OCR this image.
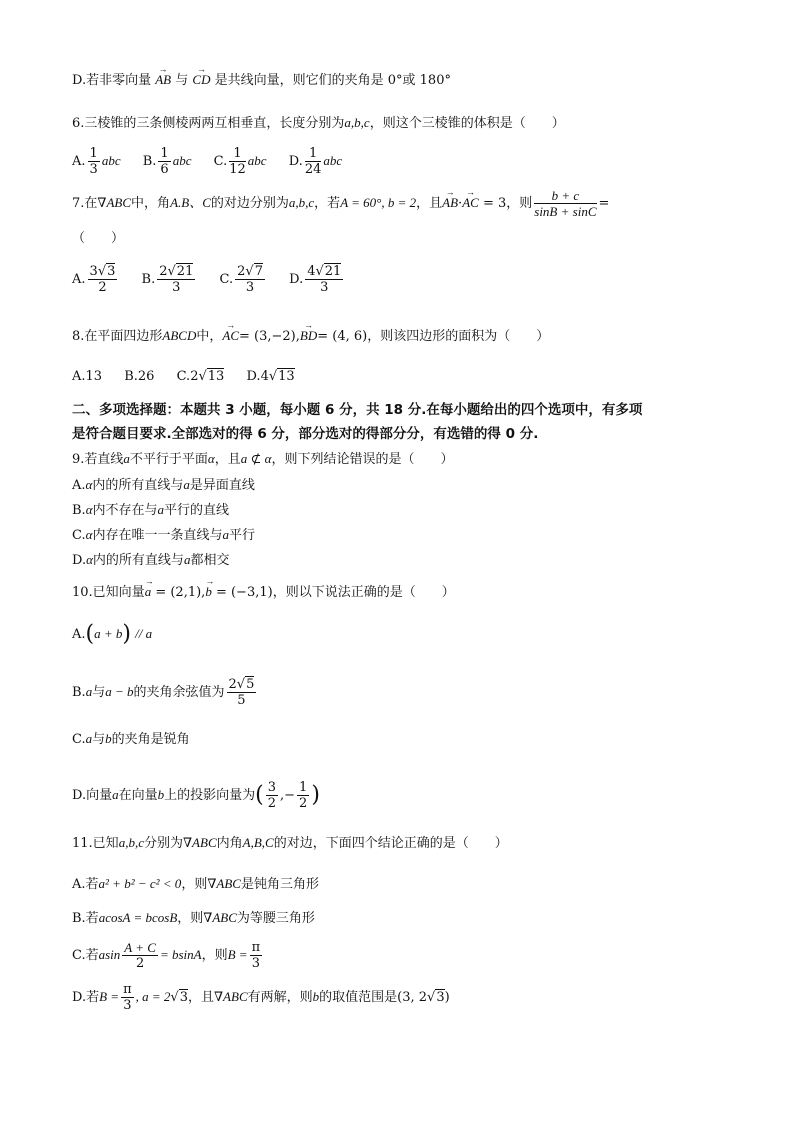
D.若非零向量 → AB 与 → CD 是共线向量，则它们的夹角是 0°或 180°
6.三棱锥的三条侧棱两两互相垂直，长度分别为a,b,c，则这个三棱锥的体积是（　　）
A. $\frac{1}{3}$ abc B. $\frac{1}{6}$ abc C. $\frac{1}{12}$ abc D. $\frac{1}{24}$ abc
7.在∇ABC中，角A.B、C的对边分别为a,b,c，若A = 60°, b = 2，且→ AB·→ AC = 3，则 $\frac{b + c}{\sin B + \sin C}$ =
（　　）
A. $\frac{3√3}{2} B$. $\frac{2√21}{3} C$. $\frac{2√7}{3} D$. $\frac{4√21}{3}$
8.在平面四边形ABCD中，→ AC= (3,−2),→ BD= (4, 6)，则该四边形的面积为（　　）
A.13 B.26 C.2√13 D.4√13
二、多项选择题：本题共 3 小题，每小题 6 分，共 18 分.在每小题给出的四个选项中，有多项
是符合题目要求.全部选对的得 6 分，部分选对的得部分分，有选错的得 0 分.
9.若直线a不平行于平面α，且a ⊄ α，则下列结论错误的是（　　）
A.α内的所有直线与a是异面直线
B.α内不存在与a平行的直线
C.α内存在唯一一条直线与a平行
D.α内的所有直线与a都相交
10.已知向量→ a = (2,1),→ b = (−3,1)，则以下说法正确的是（　　）
A.(a + b) // a
B.a与a − b的夹角余弦值为 $\frac{2√5}{5}$
C.a与b的夹角是锐角
D.向量a在向量b上的投影向量为( $\frac{3}{2}$ ,− $\frac{1}{2}$ )
11.已知a,b,c分别为∇ABC内角A,B,C的对边，下面四个结论正确的是（　　）
A.若a² + b² − c² < 0，则∇ABC是钝角三角形
B.若acosA = bcosB，则∇ABC为等腰三角形
C.若asin $\frac{A + C}{2} = bsinA$，则$B = \frac{\pi}{3}$
D.若$B = \frac{\pi}{3}$ , a = 2√3，且∇ABC有两解，则b的取值范围是(3, 2√3)
